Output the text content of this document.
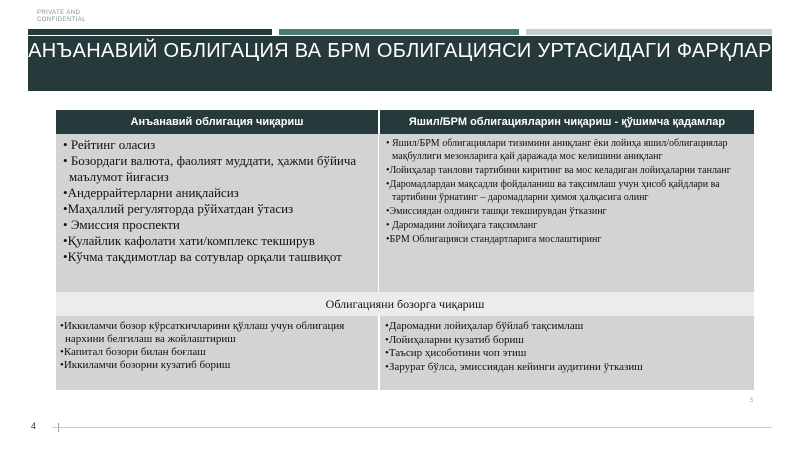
PRIVATE AND
CONFIDENTIAL
АНЪАНАВИЙ ОБЛИГАЦИЯ ВА БРМ ОБЛИГАЦИЯСИ УРТАСИДАГИ ФАРҚЛАР
Анъанавий облигация чиқариш	Яшил/БРМ облигацияларин чиқариш - қўшимча қадамлар
• Рейтинг оласиз
• Бозордаги валюта, фаолият муддати, ҳажми бўйича маълумот йиғасиз
•Андеррайтерларни аниқлайсиз
•Маҳаллий регуляторда рўйхатдан ўтасиз
• Эмиссия проспекти
•Қулайлик кафолати хати/комплекс текширув
•Кўчма тақдимотлар ва сотувлар орқали ташвиқот
• Яшил/БРМ облигациялари тизимини аниқланг ёки лойиҳа яшил/облигациялар мақбуллиги мезонларига қай даражада мос келишини аниқланг
•Лойиҳалар танлови тартибини киритинг ва мос келадиган лойиҳаларни танланг
•Даромадлардан мақсадли фойдаланиш ва тақсимлаш учун ҳисоб қайдлари ва тартибини ўрнатинг – даромадларни ҳимоя ҳалқасига олинг
•Эмиссиядан олдинги ташқи текширувдан ўтказинг
• Даромадини лойиҳага тақсимланг
•БРМ Облигацияси стандартларига мослаштиринг
Облигацияни бозорга чиқариш
•Иккиламчи бозор кўрсаткичларини қўллаш учун облигация нархини белгилаш ва жойлаштириш
•Капитал бозори билан боғлаш
•Иккиламчи бозорни кузатиб бориш
•Даромадни лойиҳалар бўйлаб тақсимлаш
•Лойиҳаларни кузатиб бориш
•Таъсир ҳисоботини чоп этиш
•Зарурат бўлса, эмиссиядан кейинги аудитини ўтказиш
5
4
